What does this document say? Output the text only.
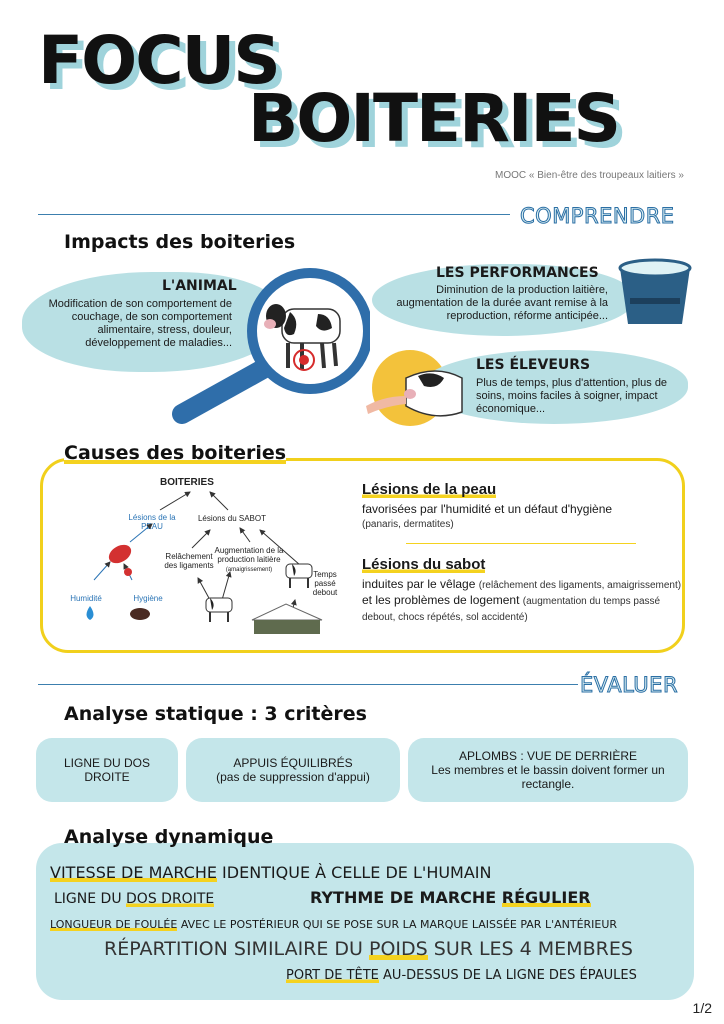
FOCUS
BOITERIES
MOOC « Bien-être des troupeaux laitiers »
COMPRENDRE
Impacts des boiteries
L'ANIMAL
Modification de son comportement de couchage, de son comportement alimentaire, stress, douleur, développement de maladies...
LES PERFORMANCES
Diminution de la production laitière, augmentation de la durée avant remise à la reproduction, réforme anticipée...
LES ÉLEVEURS
Plus de temps, plus d'attention, plus de soins, moins faciles à soigner, impact économique...
Causes des boiteries
BOITERIES
Lésions de la PEAU
Lésions du SABOT
Humidité	Hygiène
Relâchement des ligaments
Augmentation de la production laitière
(amaigrissement)	Temps passé debout
Lésions de la peau
favorisées par l'humidité et un défaut d'hygiène
(panaris, dermatites)
Lésions du sabot
induites par le vêlage (relâchement des ligaments, amaigrissement) et les problèmes de logement (augmentation du temps passé debout, chocs répétés, sol accidenté)
ÉVALUER
Analyse statique : 3 critères
LIGNE DU DOS DROITE
APPUIS ÉQUILIBRÉS
(pas de suppression d'appui)
APLOMBS : VUE DE DERRIÈRE
Les membres et le bassin doivent former un rectangle.
Analyse dynamique
VITESSE DE MARCHE IDENTIQUE À CELLE DE L'HUMAIN
LIGNE DU DOS DROITE	RYTHME DE MARCHE RÉGULIER
LONGUEUR DE FOULÉE AVEC LE POSTÉRIEUR QUI SE POSE SUR LA MARQUE LAISSÉE PAR L'ANTÉRIEUR
RÉPARTITION SIMILAIRE DU POIDS SUR LES 4 MEMBRES
PORT DE TÊTE AU-DESSUS DE LA LIGNE DES ÉPAULES
1/2
